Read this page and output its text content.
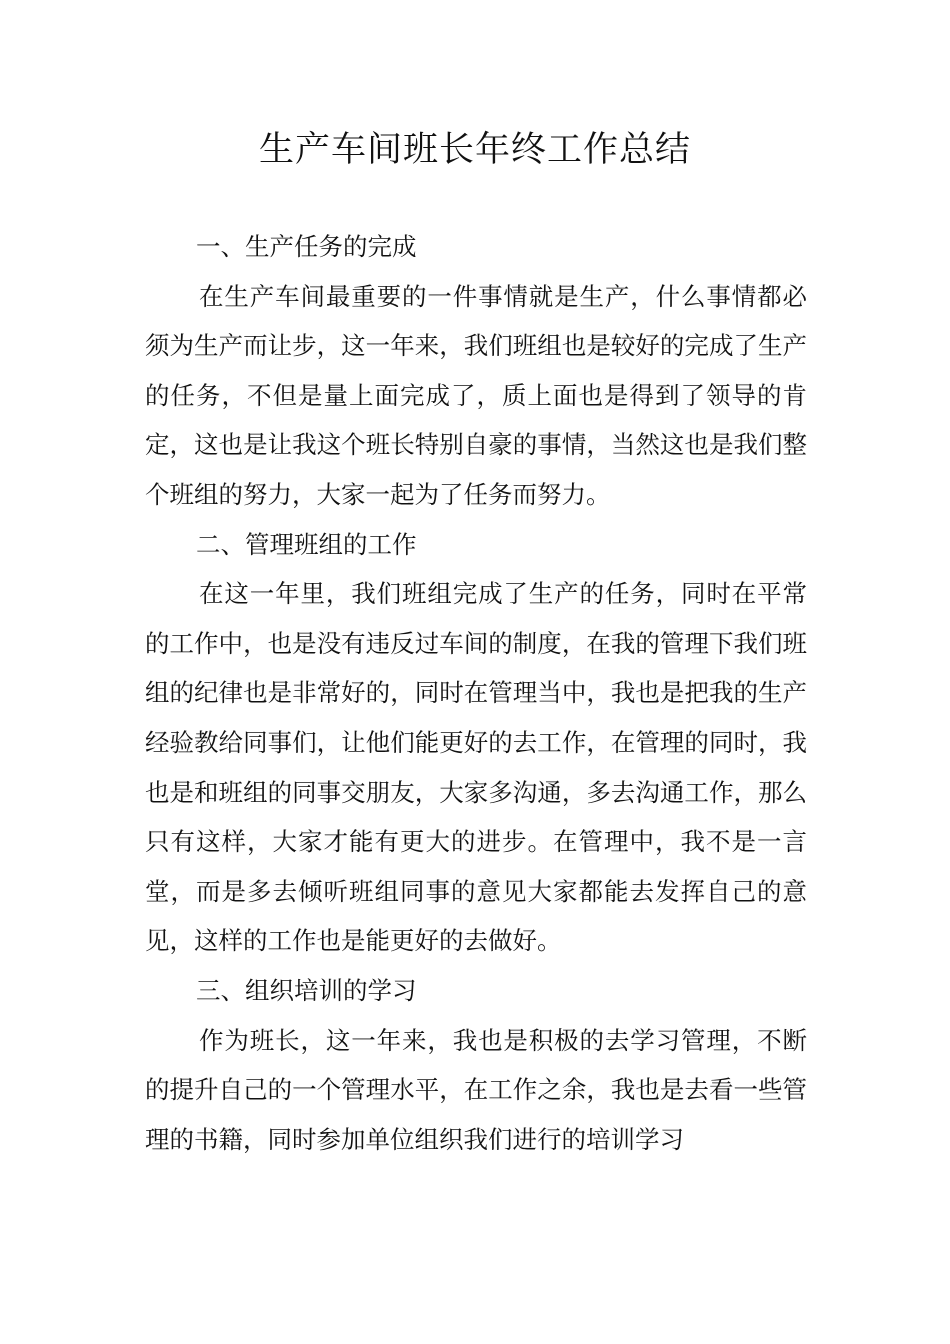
生产车间班长年终工作总结
一、生产任务的完成

在生产车间最重要的一件事情就是生产，什么事情都必须为生产而让步，这一年来，我们班组也是较好的完成了生产的任务，不但是量上面完成了，质上面也是得到了领导的肯定，这也是让我这个班长特别自豪的事情，当然这也是我们整个班组的努力，大家一起为了任务而努力。

二、管理班组的工作

在这一年里，我们班组完成了生产的任务，同时在平常的工作中，也是没有违反过车间的制度，在我的管理下我们班组的纪律也是非常好的，同时在管理当中，我也是把我的生产经验教给同事们，让他们能更好的去工作，在管理的同时，我也是和班组的同事交朋友，大家多沟通，多去沟通工作，那么只有这样，大家才能有更大的进步。在管理中，我不是一言堂，而是多去倾听班组同事的意见大家都能去发挥自己的意见，这样的工作也是能更好的去做好。

三、组织培训的学习

作为班长，这一年来，我也是积极的去学习管理，不断的提升自己的一个管理水平，在工作之余，我也是去看一些管理的书籍，同时参加单位组织我们进行的培训学习
